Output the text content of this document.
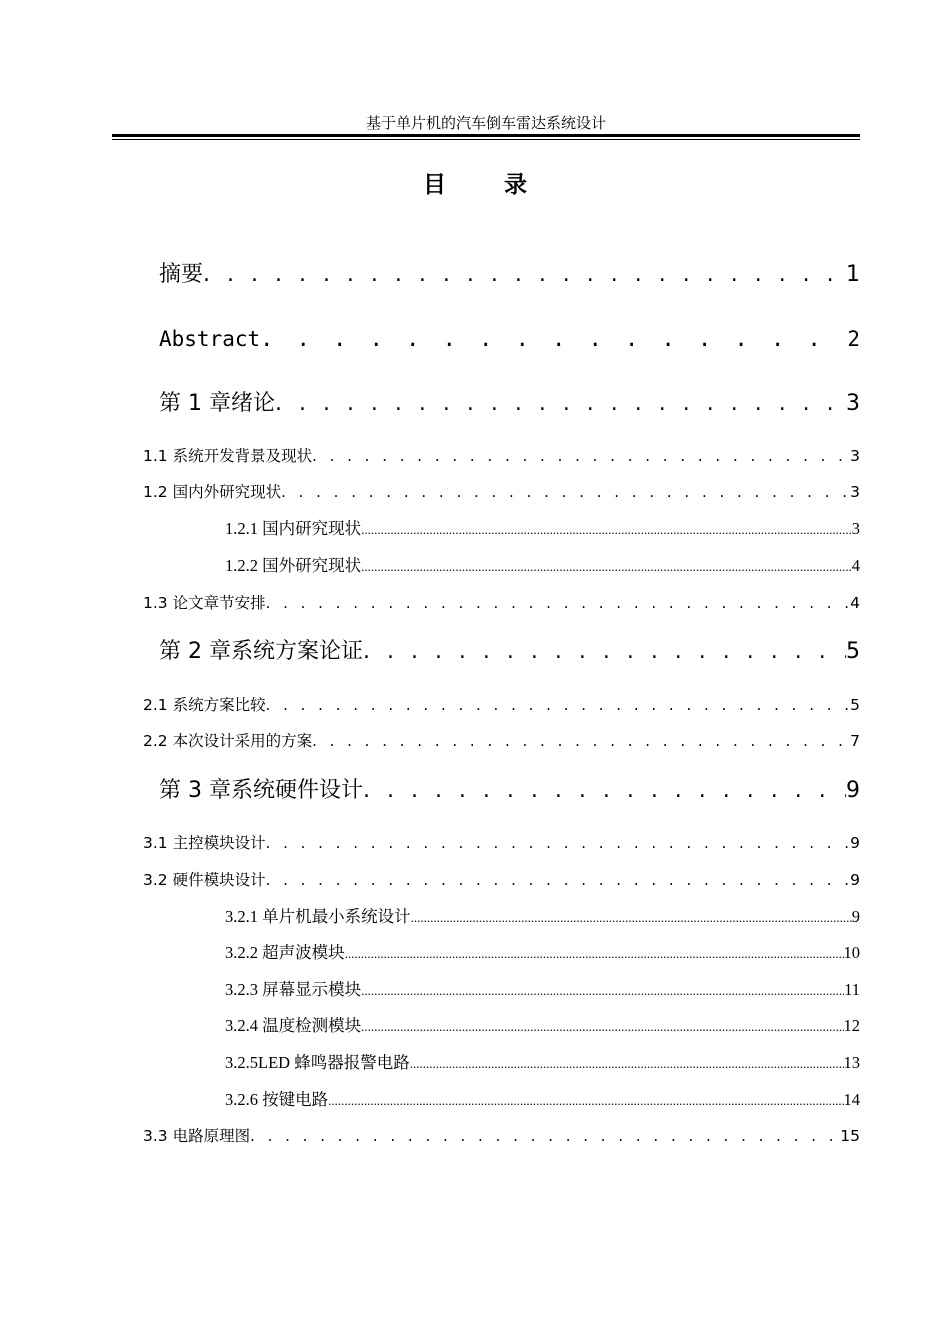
基于单片机的汽车倒车雷达系统设计
目录
摘要 . . .	1
Abstract . . .	2
第 1 章绪论 . . .	3
1.1 系统开发背景及现状 . . .	3
1.2 国内外研究现状 . . .	3
1.2.1 国内研究现状 .....	3
1.2.2 国外研究现状 .....	4
1.3 论文章节安排 . . .	4
第 2 章系统方案论证 . . .	5
2.1 系统方案比较 . . .	5
2.2 本次设计采用的方案 . . .	7
第 3 章系统硬件设计 . . .	9
3.1 主控模块设计 . . .	9
3.2 硬件模块设计 . . .	9
3.2.1 单片机最小系统设计 .....	9
3.2.2 超声波模块 .....	10
3.2.3 屏幕显示模块 .....	11
3.2.4 温度检测模块 .....	12
3.2.5LED 蜂鸣器报警电路 .....	13
3.2.6 按键电路 .....	14
3.3 电路原理图 . . .	15
